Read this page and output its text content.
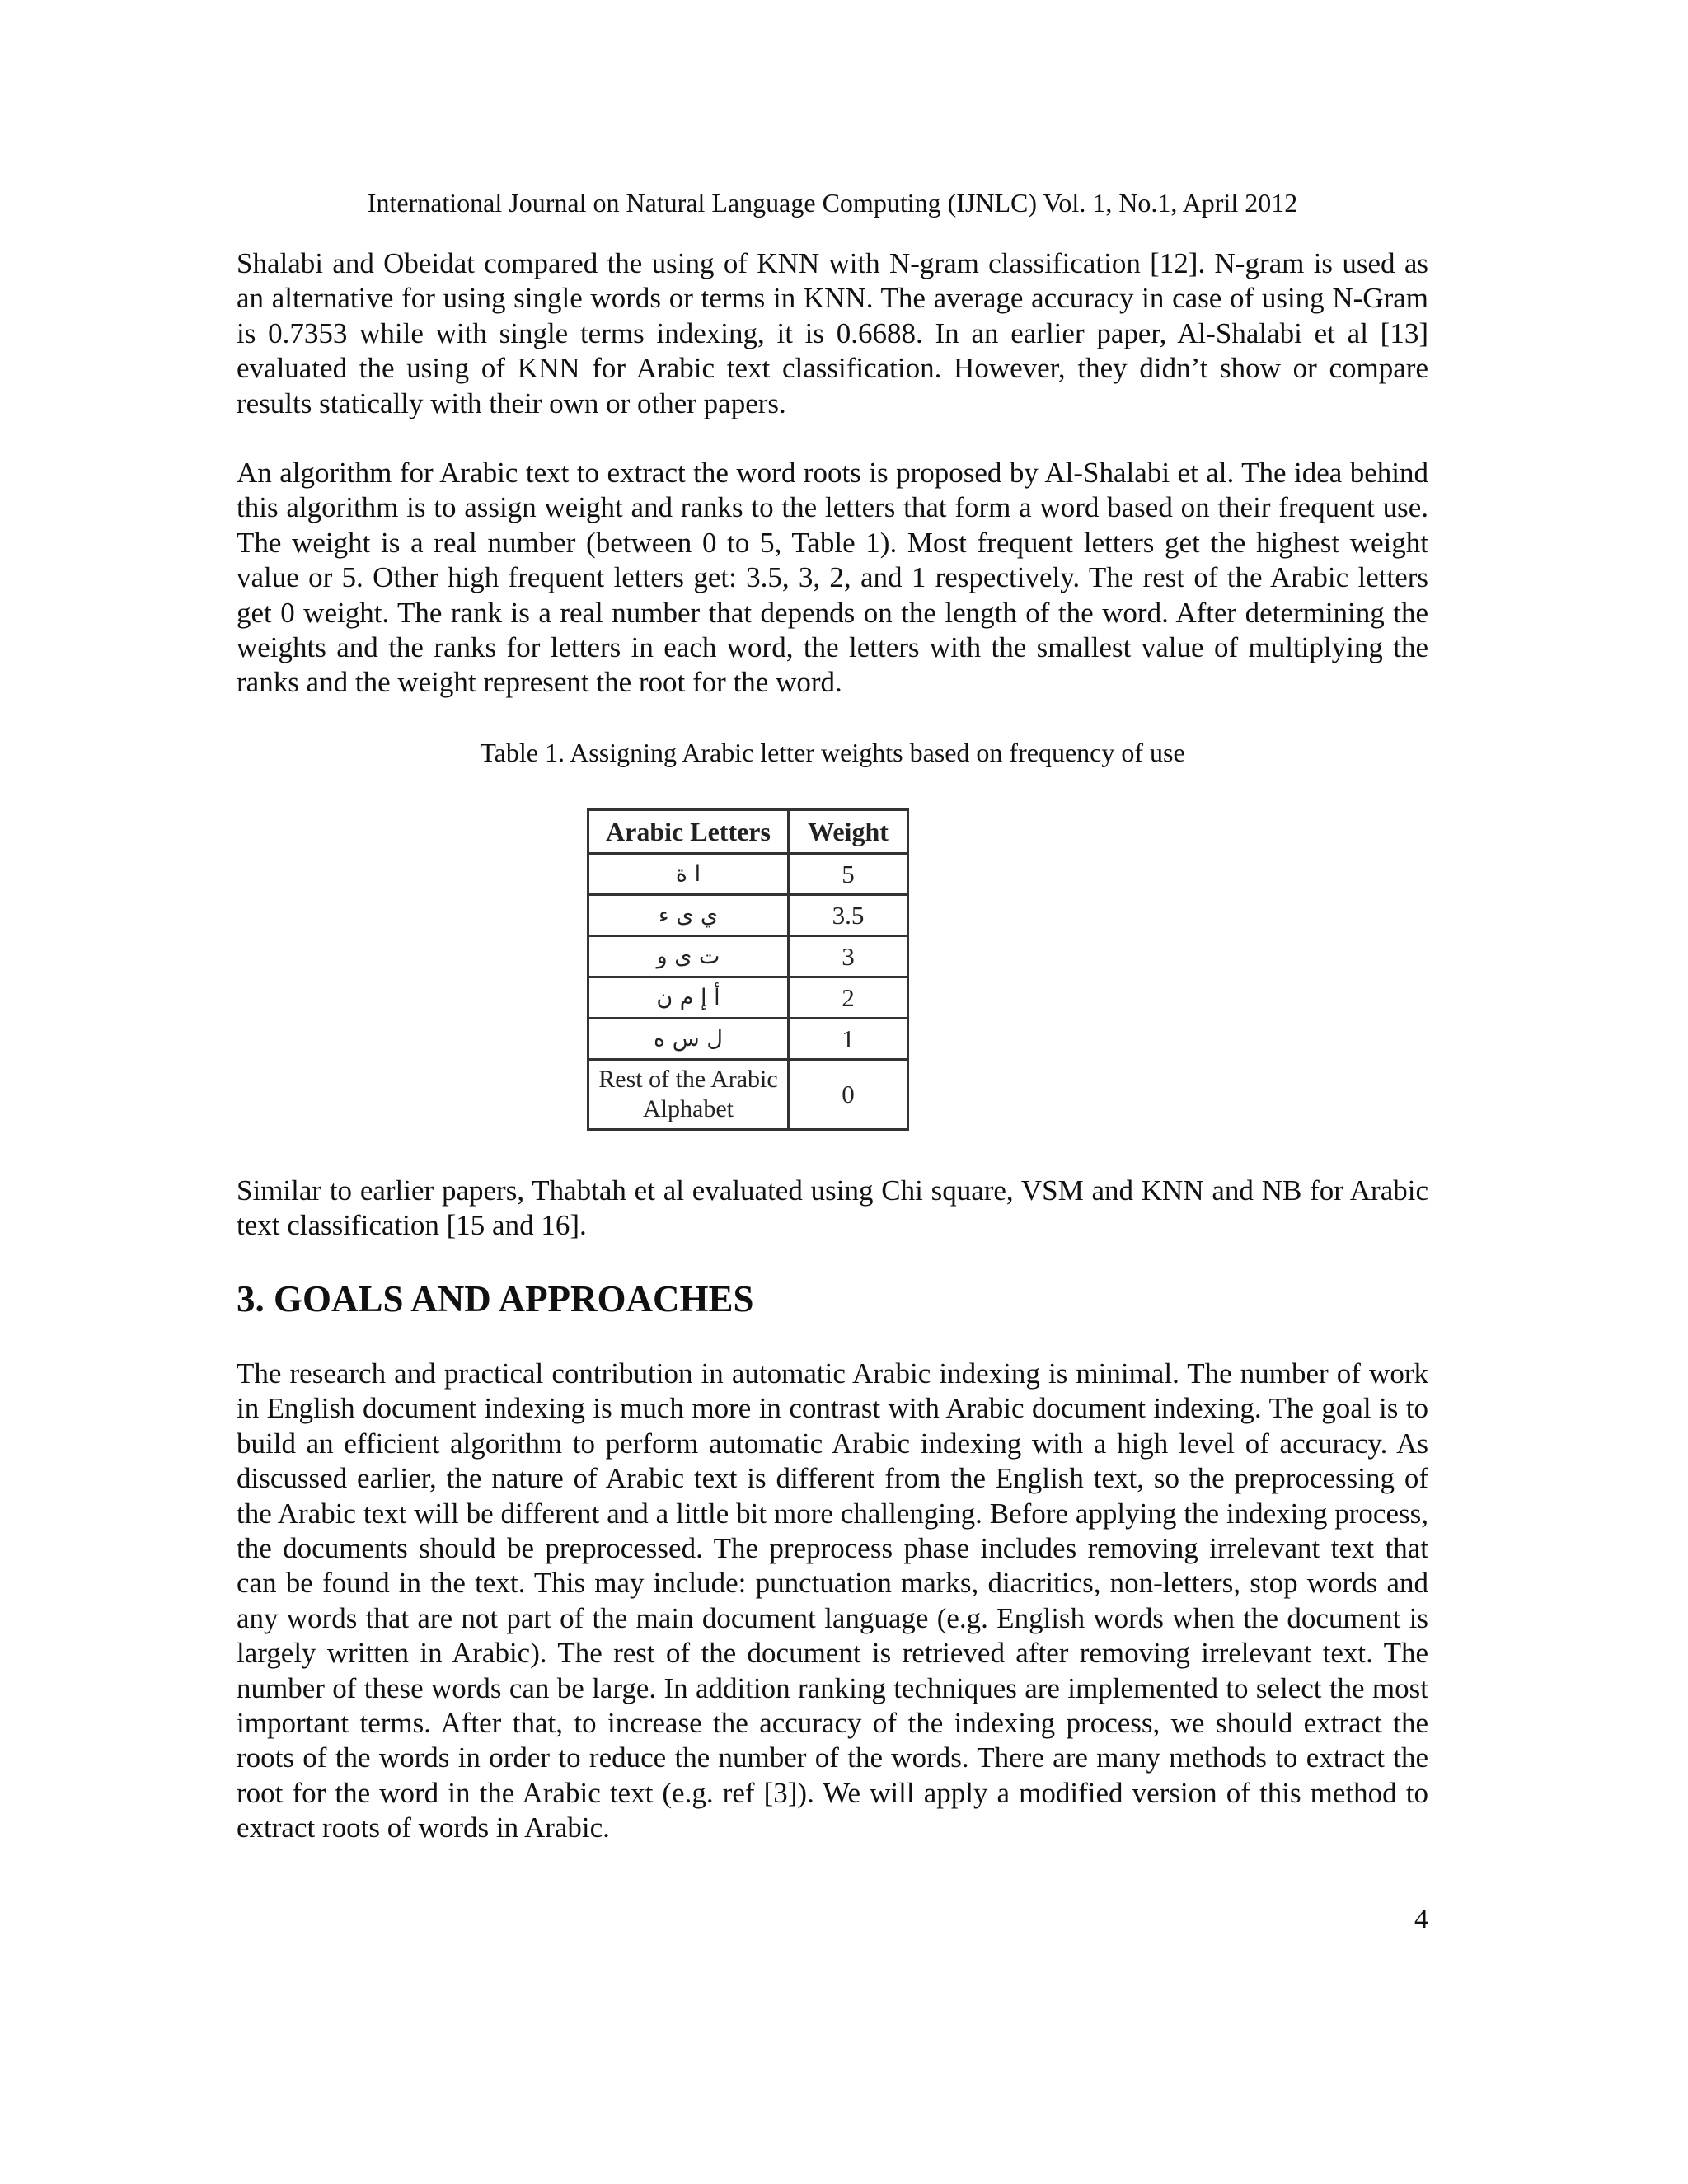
International Journal on Natural Language Computing (IJNLC) Vol. 1, No.1, April 2012

Shalabi and Obeidat compared the using of KNN with N-gram classification [12]. N-gram is used as an alternative for using single words or terms in KNN. The average accuracy in case of using N-Gram is 0.7353 while with single terms indexing, it is 0.6688. In an earlier paper, Al-Shalabi et al [13] evaluated the using of KNN for Arabic text classification. However, they didn’t show or compare results statically with their own or other papers.

An algorithm for Arabic text to extract the word roots is proposed by Al-Shalabi et al. The idea behind this algorithm is to assign weight and ranks to the letters that form a word based on their frequent use. The weight is a real number (between 0 to 5, Table 1). Most frequent letters get the highest weight value or 5. Other high frequent letters get: 3.5, 3, 2, and 1 respectively. The rest of the Arabic letters get 0 weight. The rank is a real number that depends on the length of the word. After determining the weights and the ranks for letters in each word, the letters with the smallest value of multiplying the ranks and the weight represent the root for the word.

Table 1. Assigning Arabic letter weights based on frequency of use
Arabic Letters	Weight
ا ة	5
ي ى ء	3.5
ت ى و	3
أ إ م ن	2
ل س ه	1
Rest of the Arabic Alphabet	0

Similar to earlier papers, Thabtah et al evaluated using Chi square, VSM and KNN and NB for Arabic text classification [15 and 16].

3. GOALS AND APPROACHES

The research and practical contribution in automatic Arabic indexing is minimal. The number of work in English document indexing is much more in contrast with Arabic document indexing. The goal is to build an efficient algorithm to perform automatic Arabic indexing with a high level of accuracy. As discussed earlier, the nature of Arabic text is different from the English text, so the preprocessing of the Arabic text will be different and a little bit more challenging. Before applying the indexing process, the documents should be preprocessed. The preprocess phase includes removing irrelevant text that can be found in the text. This may include: punctuation marks, diacritics, non-letters, stop words and any words that are not part of the main document language (e.g. English words when the document is largely written in Arabic). The rest of the document is retrieved after removing irrelevant text. The number of these words can be large. In addition ranking techniques are implemented to select the most important terms. After that, to increase the accuracy of the indexing process, we should extract the roots of the words in order to reduce the number of the words. There are many methods to extract the root for the word in the Arabic text (e.g. ref [3]). We will apply a modified version of this method to extract roots of words in Arabic.

4
